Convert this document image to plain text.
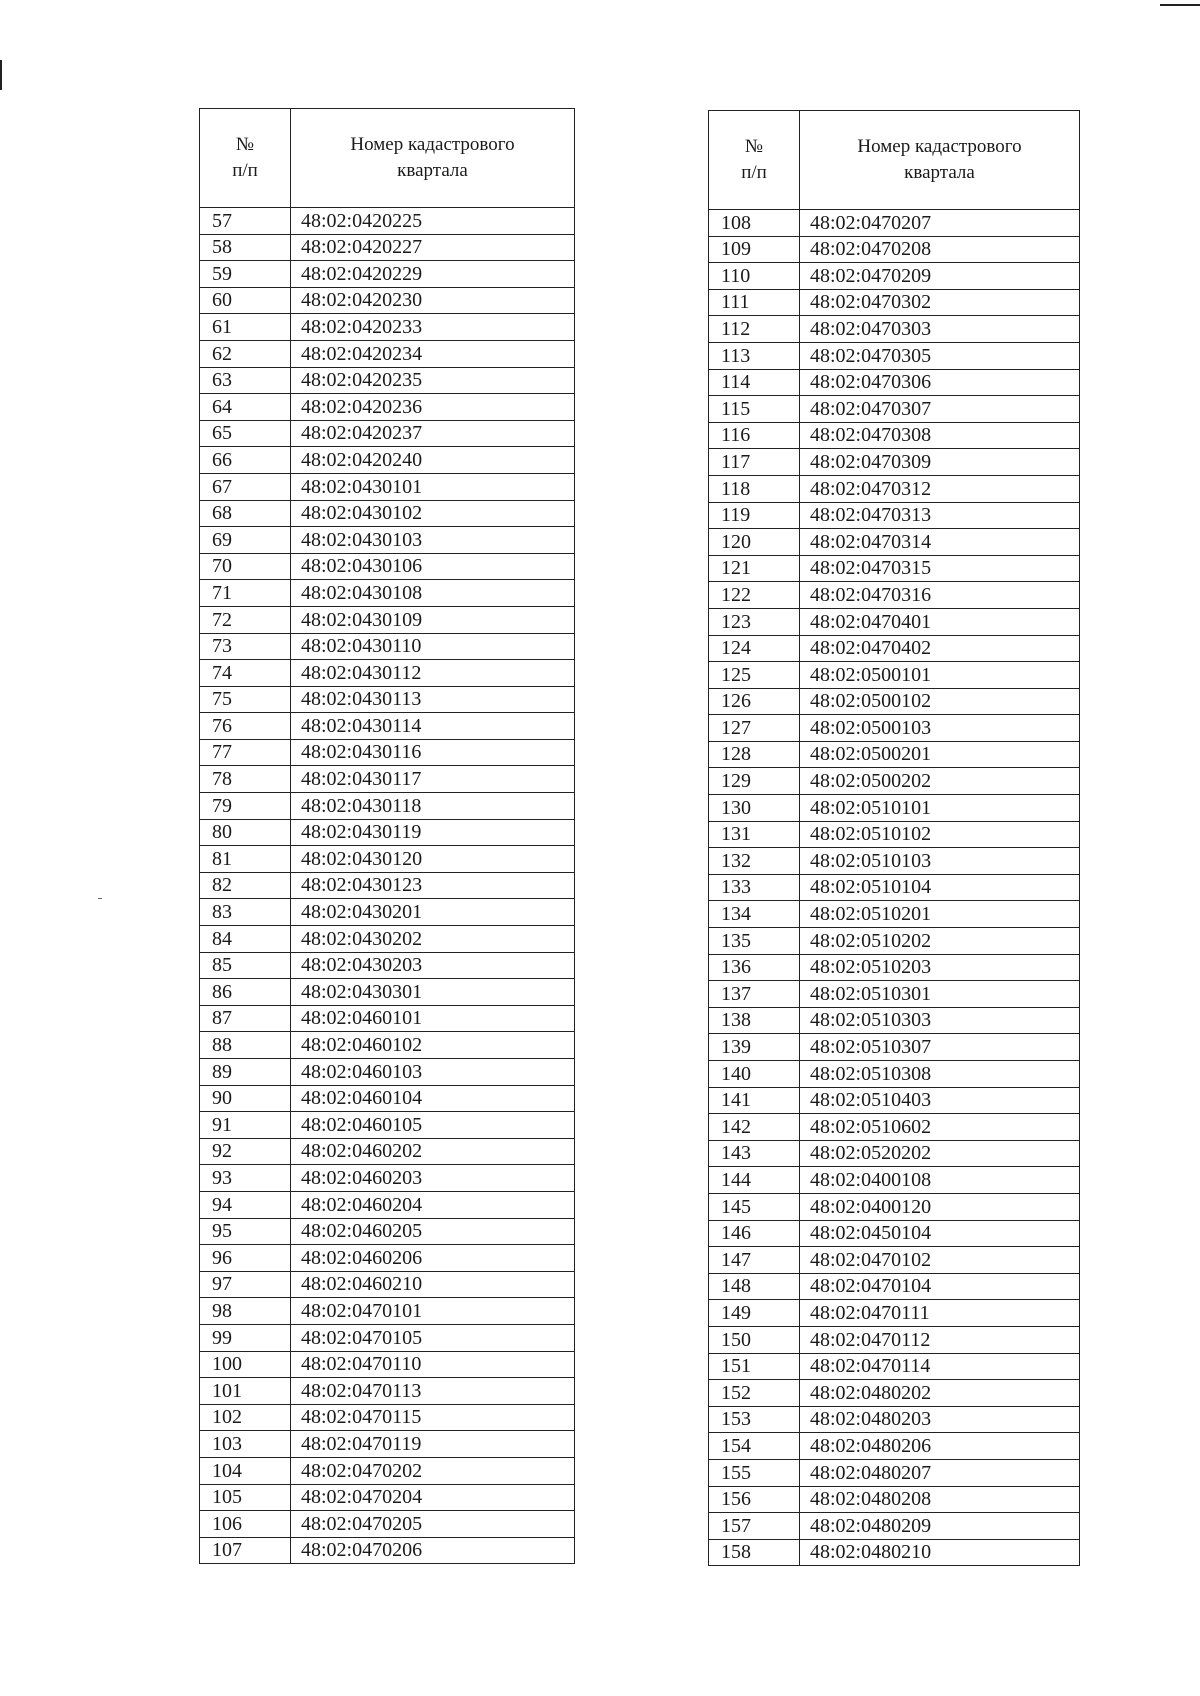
№
п/п	Номер кадастрового квартала
57	48:02:0420225
58	48:02:0420227
59	48:02:0420229
60	48:02:0420230
61	48:02:0420233
62	48:02:0420234
63	48:02:0420235
64	48:02:0420236
65	48:02:0420237
66	48:02:0420240
67	48:02:0430101
68	48:02:0430102
69	48:02:0430103
70	48:02:0430106
71	48:02:0430108
72	48:02:0430109
73	48:02:0430110
74	48:02:0430112
75	48:02:0430113
76	48:02:0430114
77	48:02:0430116
78	48:02:0430117
79	48:02:0430118
80	48:02:0430119
81	48:02:0430120
82	48:02:0430123
83	48:02:0430201
84	48:02:0430202
85	48:02:0430203
86	48:02:0430301
87	48:02:0460101
88	48:02:0460102
89	48:02:0460103
90	48:02:0460104
91	48:02:0460105
92	48:02:0460202
93	48:02:0460203
94	48:02:0460204
95	48:02:0460205
96	48:02:0460206
97	48:02:0460210
98	48:02:0470101
99	48:02:0470105
100	48:02:0470110
101	48:02:0470113
102	48:02:0470115
103	48:02:0470119
104	48:02:0470202
105	48:02:0470204
106	48:02:0470205
107	48:02:0470206
№
п/п	Номер кадастрового квартала
108	48:02:0470207
109	48:02:0470208
110	48:02:0470209
111	48:02:0470302
112	48:02:0470303
113	48:02:0470305
114	48:02:0470306
115	48:02:0470307
116	48:02:0470308
117	48:02:0470309
118	48:02:0470312
119	48:02:0470313
120	48:02:0470314
121	48:02:0470315
122	48:02:0470316
123	48:02:0470401
124	48:02:0470402
125	48:02:0500101
126	48:02:0500102
127	48:02:0500103
128	48:02:0500201
129	48:02:0500202
130	48:02:0510101
131	48:02:0510102
132	48:02:0510103
133	48:02:0510104
134	48:02:0510201
135	48:02:0510202
136	48:02:0510203
137	48:02:0510301
138	48:02:0510303
139	48:02:0510307
140	48:02:0510308
141	48:02:0510403
142	48:02:0510602
143	48:02:0520202
144	48:02:0400108
145	48:02:0400120
146	48:02:0450104
147	48:02:0470102
148	48:02:0470104
149	48:02:0470111
150	48:02:0470112
151	48:02:0470114
152	48:02:0480202
153	48:02:0480203
154	48:02:0480206
155	48:02:0480207
156	48:02:0480208
157	48:02:0480209
158	48:02:0480210
